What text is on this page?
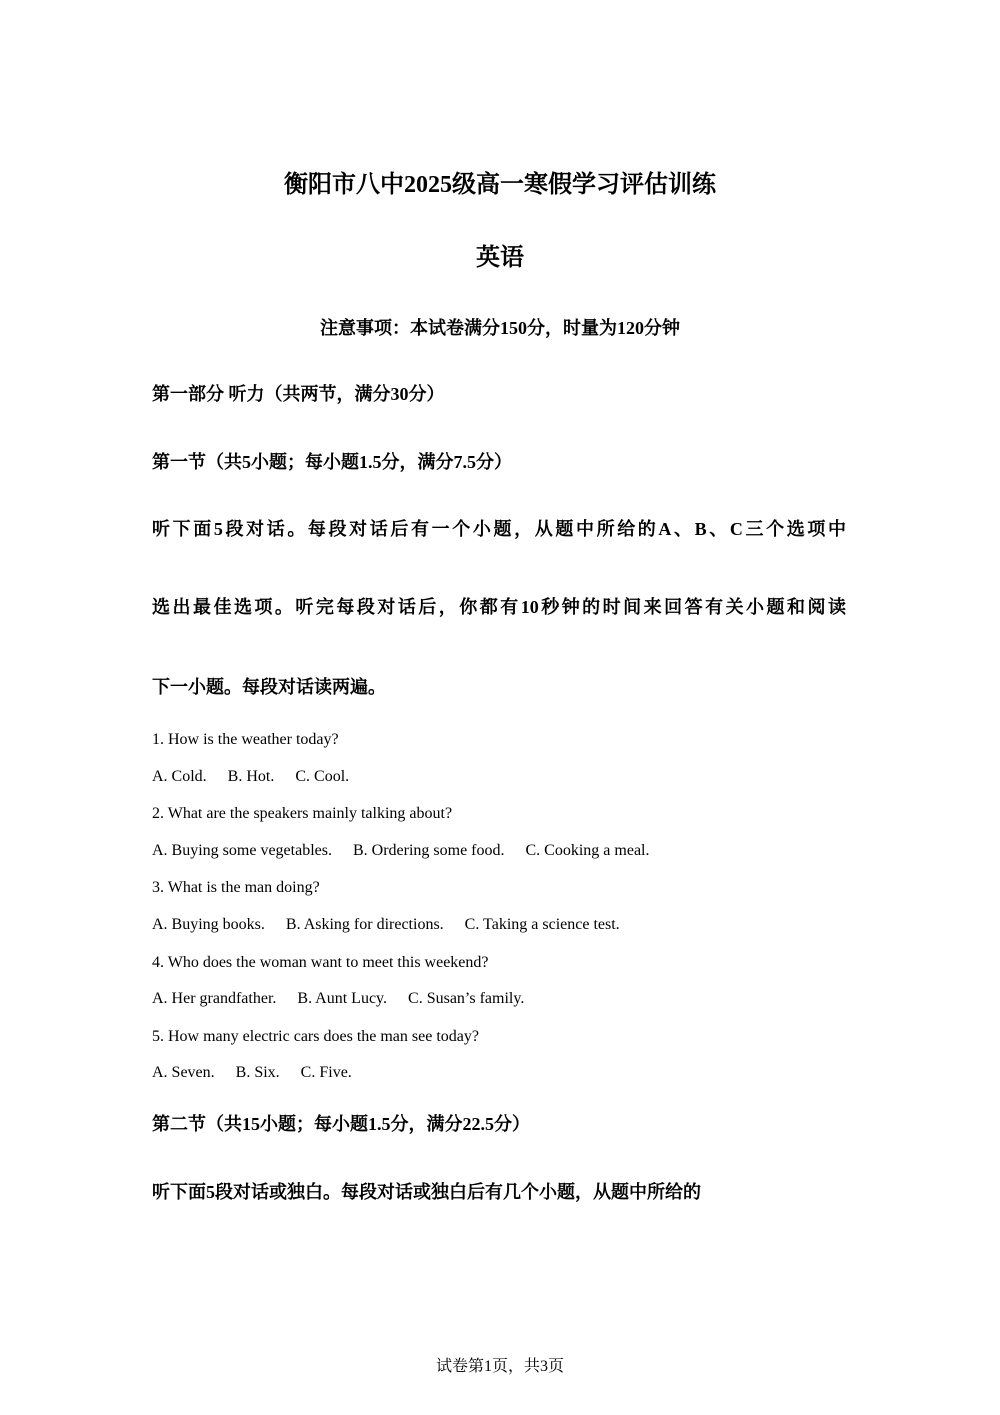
衡阳市八中2025级高一寒假学习评估训练
英语
注意事项：本试卷满分150分，时量为120分钟
第一部分 听力（共两节，满分30分）
第一节（共5小题；每小题1.5分，满分7.5分）
听下面5段对话。每段对话后有一个小题，从题中所给的A、B、C三个选项中
选出最佳选项。听完每段对话后，你都有10秒钟的时间来回答有关小题和阅读
下一小题。每段对话读两遍。
1. How is the weather today?
A. Cold. B. Hot. C. Cool.
2. What are the speakers mainly talking about?
A. Buying some vegetables. B. Ordering some food. C. Cooking a meal.
3. What is the man doing?
A. Buying books. B. Asking for directions. C. Taking a science test.
4. Who does the woman want to meet this weekend?
A. Her grandfather. B. Aunt Lucy. C. Susan’s family.
5. How many electric cars does the man see today?
A. Seven. B. Six. C. Five.
第二节（共15小题；每小题1.5分，满分22.5分）
听下面5段对话或独白。每段对话或独白后有几个小题，从题中所给的
试卷第1页，共3页
